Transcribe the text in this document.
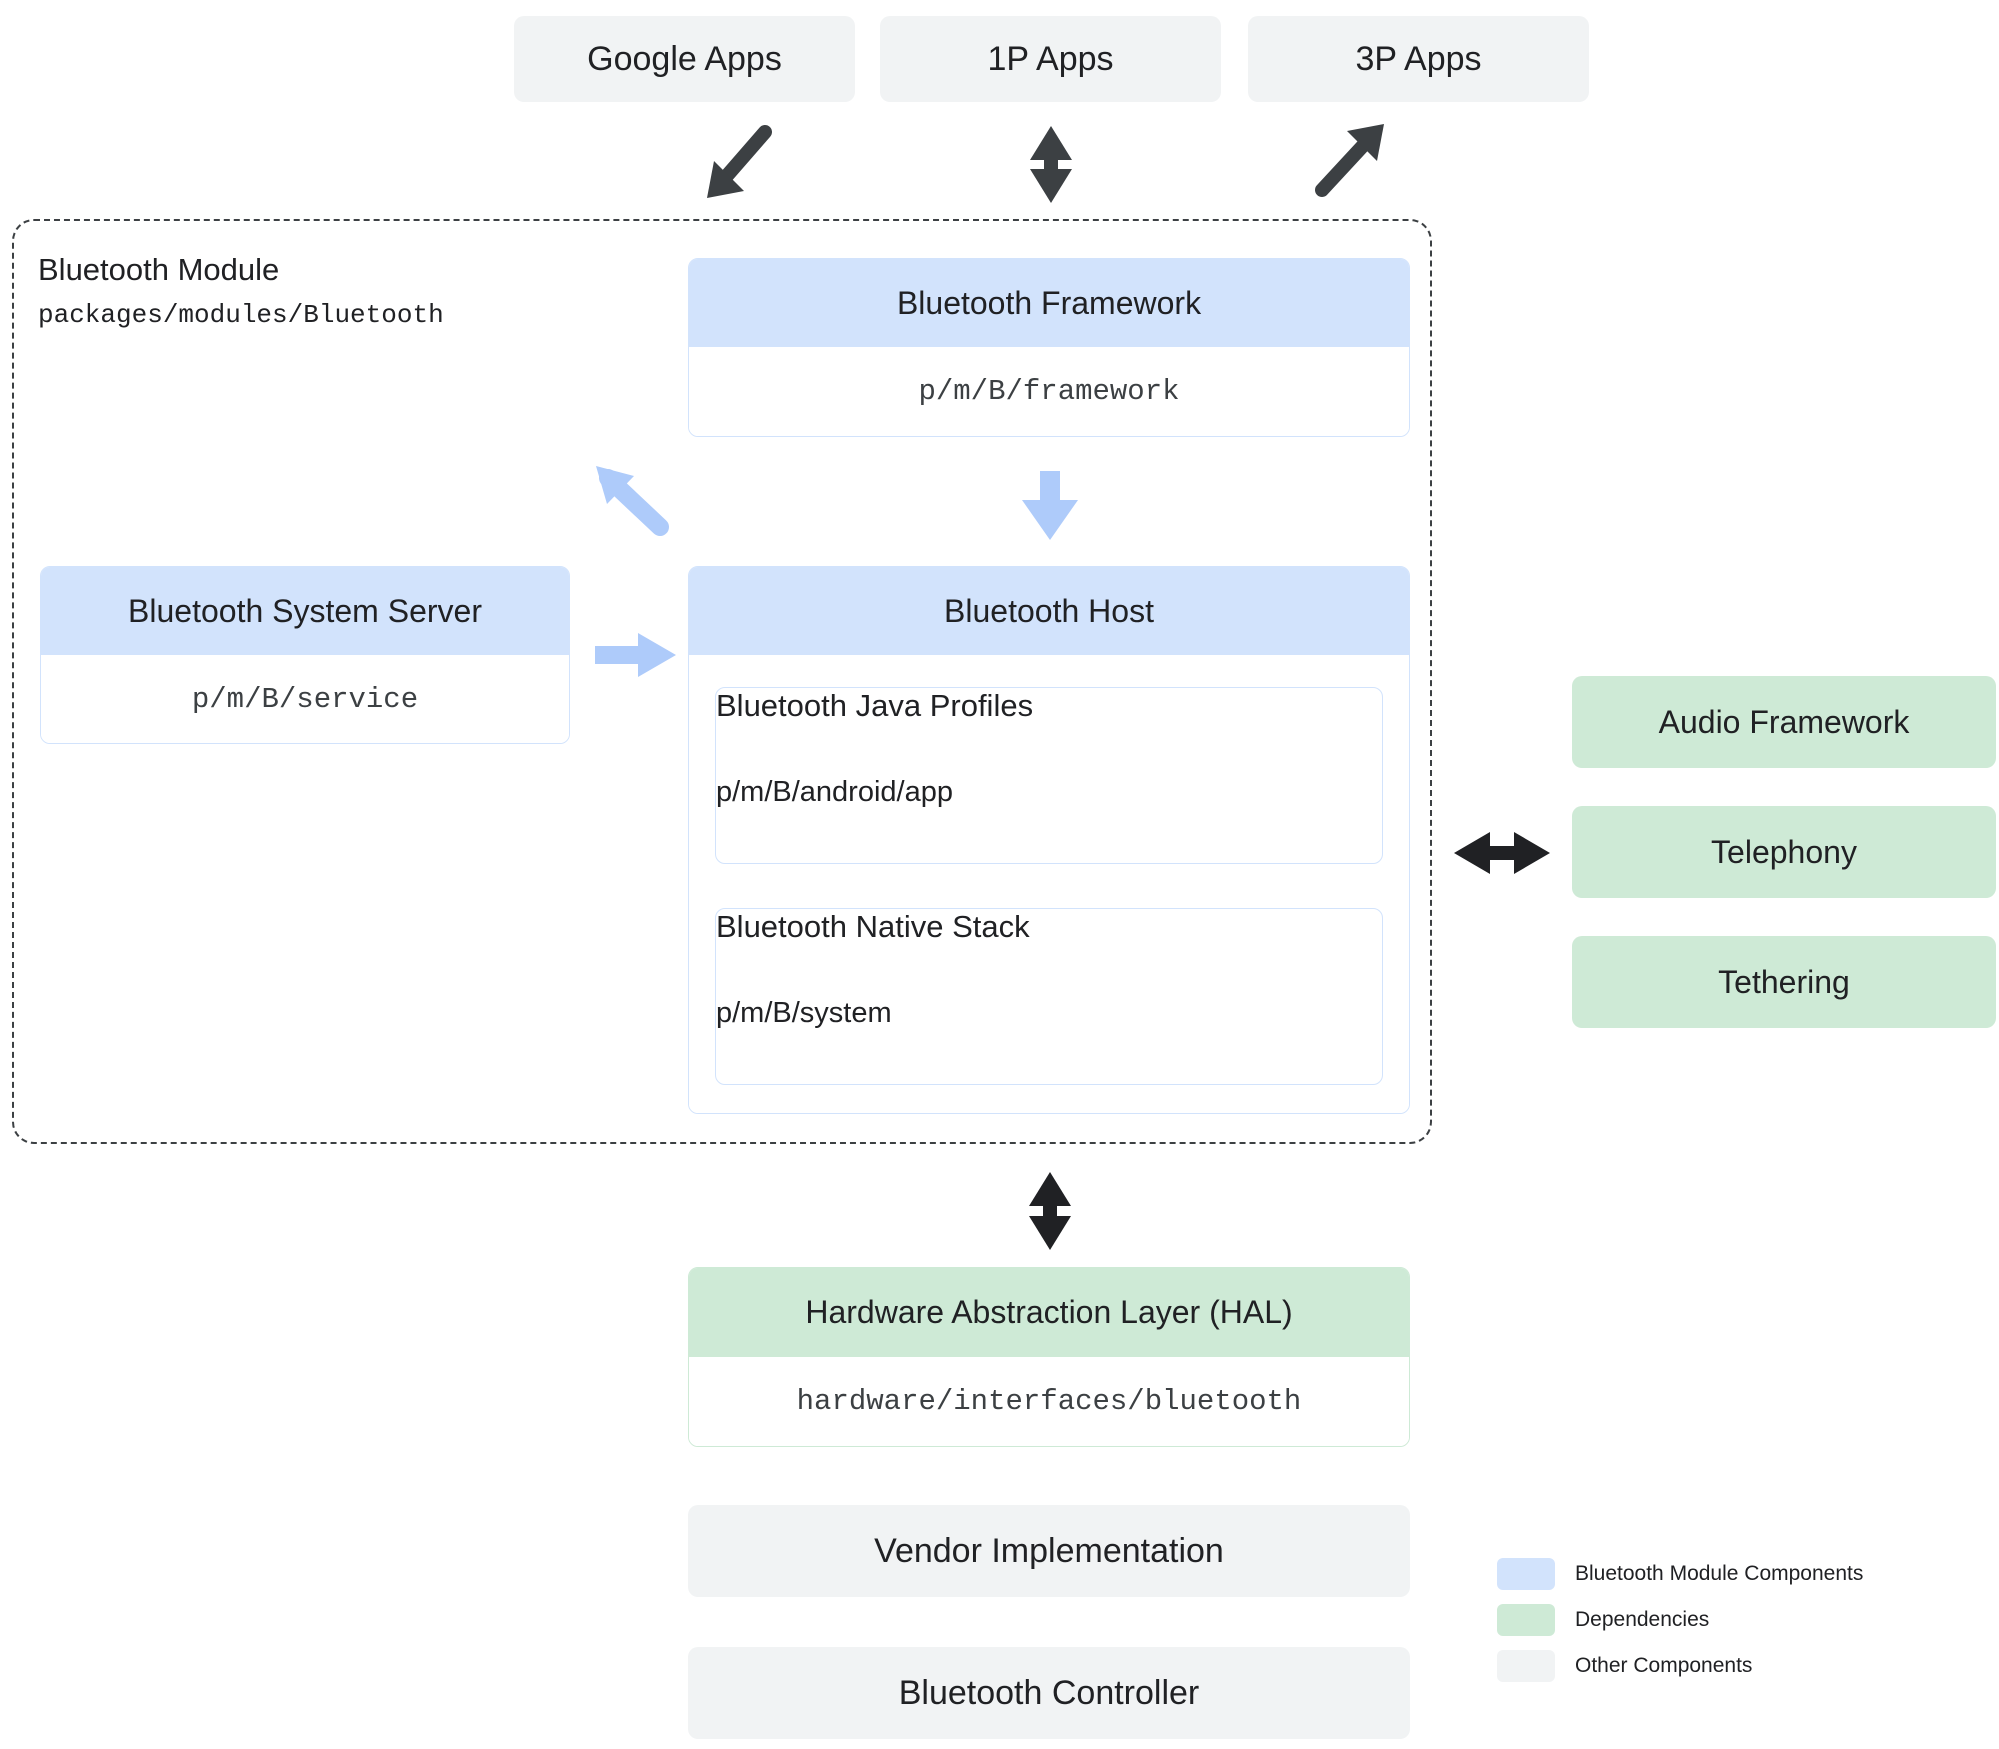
Google Apps	1P Apps	3P Apps
Bluetooth Module
packages/modules/Bluetooth	Bluetooth Framework
p/m/B/framework
Bluetooth System Server
p/m/B/service
Bluetooth Host
Bluetooth Java Profiles
p/m/B/android/app
Bluetooth Native Stack
p/m/B/system
Audio Framework
Telephony
Tethering
Hardware Abstraction Layer (HAL)
hardware/interfaces/bluetooth
Vendor Implementation
Bluetooth Controller
Bluetooth Module Components
Dependencies
Other Components
